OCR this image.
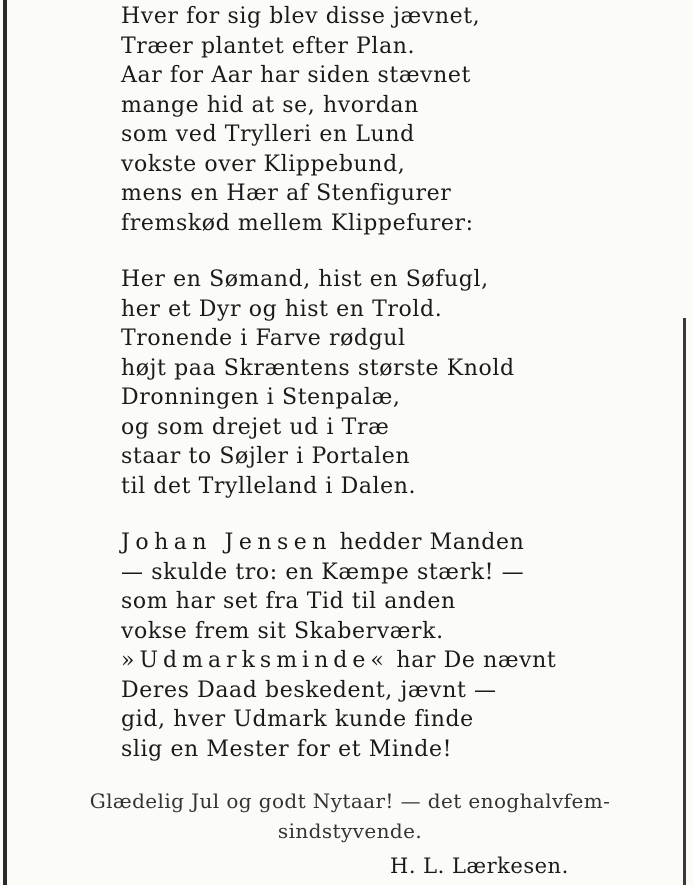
Hver for sig blev disse jævnet,
Træer plantet efter Plan.
Aar for Aar har siden stævnet
mange hid at se, hvordan
som ved Trylleri en Lund
vokste over Klippebund,
mens en Hær af Stenfigurer
fremskød mellem Klippefurer:
Her en Sømand, hist en Søfugl,
her et Dyr og hist en Trold.
Tronende i Farve rødgul
højt paa Skræntens største Knold
Dronningen i Stenpalæ,
og som drejet ud i Træ
staar to Søjler i Portalen
til det Trylleland i Dalen.
Johan Jensen hedder Manden
— skulde tro: en Kæmpe stærk! —
som har set fra Tid til anden
vokse frem sit Skaberværk.
»Udmarksminde« har De nævnt
Deres Daad beskedent, jævnt —
gid, hver Udmark kunde finde
slig en Mester for et Minde!
Glædelig Jul og godt Nytaar! — det enoghalvfem-
sindstyvende.
H. L. Lærkesen.
